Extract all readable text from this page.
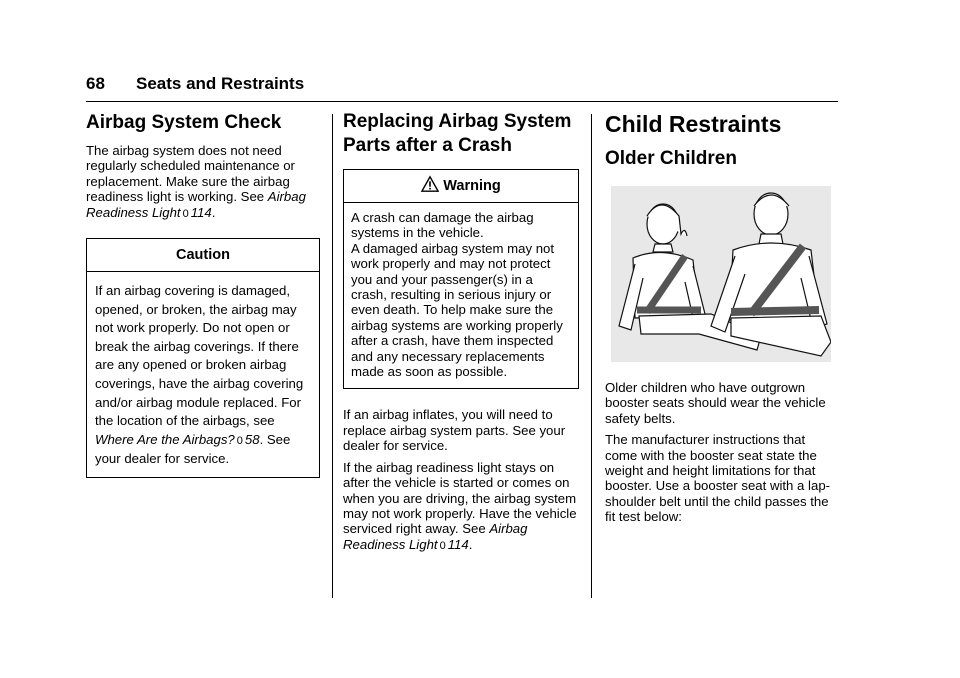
68 Seats and Restraints
Airbag System Check
The airbag system does not need regularly scheduled maintenance or replacement. Make sure the airbag readiness light is working. See Airbag Readiness Light 0 114.
Caution
If an airbag covering is damaged, opened, or broken, the airbag may not work properly. Do not open or break the airbag coverings. If there are any opened or broken airbag coverings, have the airbag covering and/or airbag module replaced. For the location of the airbags, see Where Are the Airbags? 0 58. See your dealer for service.
Replacing Airbag System
Parts after a Crash
Warning
A crash can damage the airbag systems in the vehicle.
A damaged airbag system may not work properly and may not protect you and your passenger(s) in a crash, resulting in serious injury or even death. To help make sure the airbag systems are working properly after a crash, have them inspected and any necessary replacements made as soon as possible.
If an airbag inflates, you will need to replace airbag system parts. See your dealer for service.
If the airbag readiness light stays on after the vehicle is started or comes on when you are driving, the airbag system may not work properly. Have the vehicle serviced right away. See Airbag Readiness Light 0 114.
Child Restraints
Older Children
Older children who have outgrown booster seats should wear the vehicle safety belts.
The manufacturer instructions that come with the booster seat state the weight and height limitations for that booster. Use a booster seat with a lap-shoulder belt until the child passes the fit test below:
